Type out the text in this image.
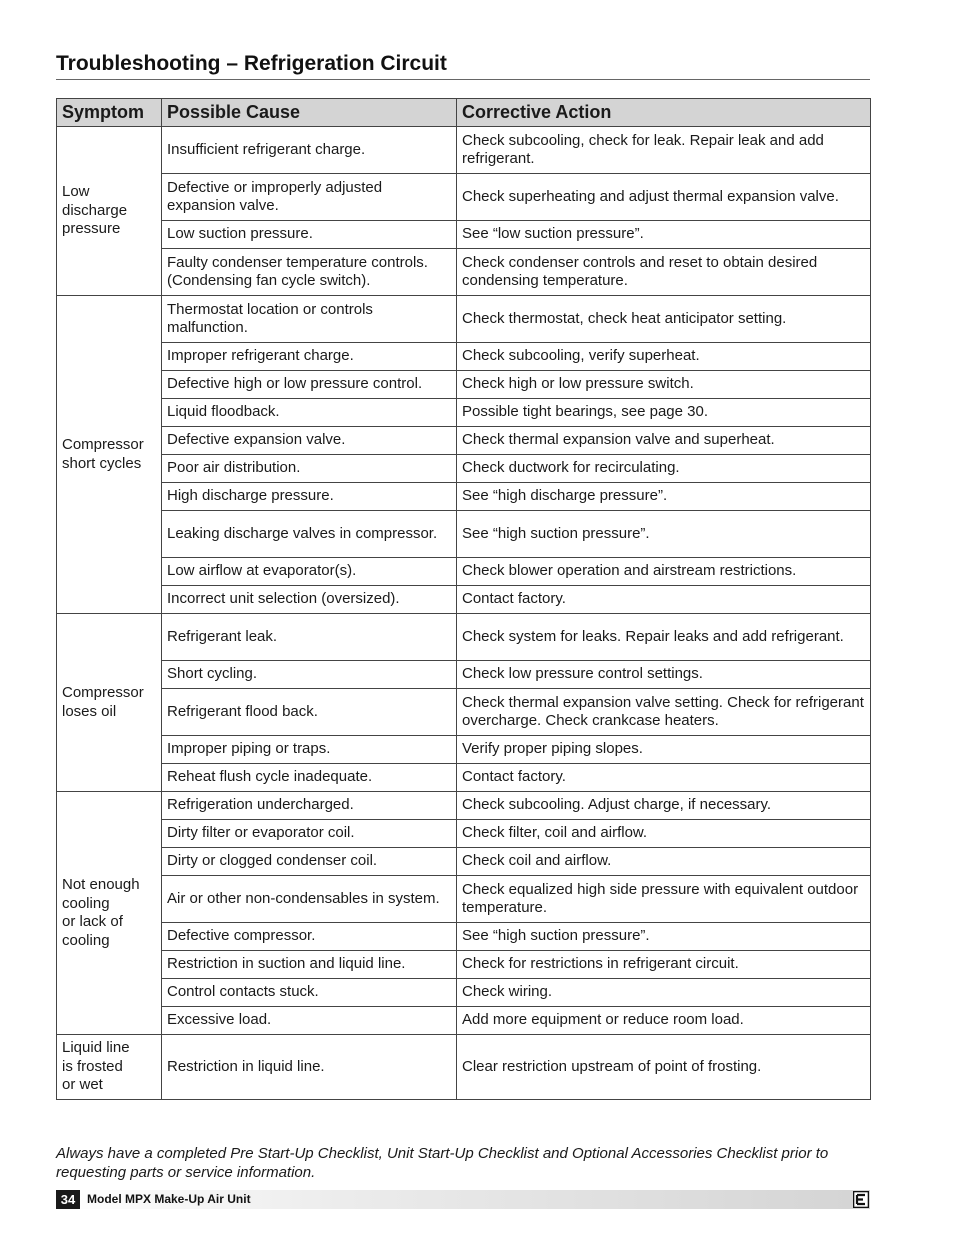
Troubleshooting – Refrigeration Circuit
Symptom	Possible Cause	Corrective Action
Low
discharge
pressure	Insufficient refrigerant charge.	Check subcooling, check for leak. Repair leak and add refrigerant.
	Defective or improperly adjusted expansion valve.	Check superheating and adjust thermal expansion valve.
	Low suction pressure.	See “low suction pressure”.
	Faulty condenser temperature controls. (Condensing fan cycle switch).	Check condenser controls and reset to obtain desired condensing temperature.
Compressor
short cycles	Thermostat location or controls malfunction.	Check thermostat, check heat anticipator setting.
	Improper refrigerant charge.	Check subcooling, verify superheat.
	Defective high or low pressure control.	Check high or low pressure switch.
	Liquid floodback.	Possible tight bearings, see page 30.
	Defective expansion valve.	Check thermal expansion valve and superheat.
	Poor air distribution.	Check ductwork for recirculating.
	High discharge pressure.	See “high discharge pressure”.
	Leaking discharge valves in compressor.	See “high suction pressure”.
	Low airflow at evaporator(s).	Check blower operation and airstream restrictions.
	Incorrect unit selection (oversized).	Contact factory.
Compressor
loses oil	Refrigerant leak.	Check system for leaks. Repair leaks and add refrigerant.
	Short cycling.	Check low pressure control settings.
	Refrigerant flood back.	Check thermal expansion valve setting. Check for refrigerant overcharge. Check crankcase heaters.
	Improper piping or traps.	Verify proper piping slopes.
	Reheat flush cycle inadequate.	Contact factory.
Not enough
cooling
or lack of
cooling	Refrigeration undercharged.	Check subcooling. Adjust charge, if necessary.
	Dirty filter or evaporator coil.	Check filter, coil and airflow.
	Dirty or clogged condenser coil.	Check coil and airflow.
	Air or other non-condensables in system.	Check equalized high side pressure with equivalent outdoor temperature.
	Defective compressor.	See “high suction pressure”.
	Restriction in suction and liquid line.	Check for restrictions in refrigerant circuit.
	Control contacts stuck.	Check wiring.
	Excessive load.	Add more equipment or reduce room load.
Liquid line
is frosted
or wet	Restriction in liquid line.	Clear restriction upstream of point of frosting.
Always have a completed Pre Start-Up Checklist, Unit Start-Up Checklist and Optional Accessories Checklist prior to requesting parts or service information.
34 Model MPX Make-Up Air Unit
